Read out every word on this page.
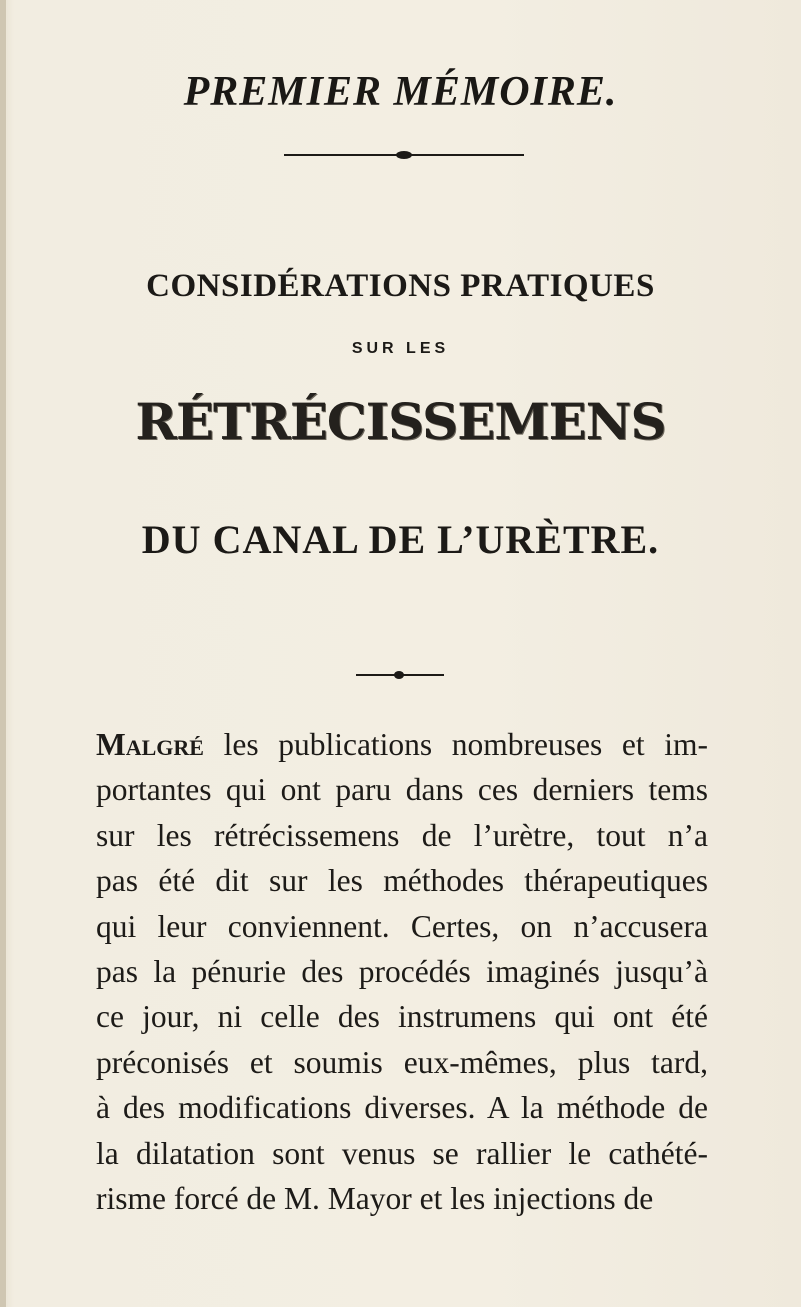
PREMIER MÉMOIRE.
CONSIDÉRATIONS PRATIQUES
SUR LES
RÉTRÉCISSEMENS
DU CANAL DE L’URÈTRE.
Malgré les publications nombreuses et im-
portantes qui ont paru dans ces derniers tems
sur les rétrécissemens de l’urètre, tout n’a
pas été dit sur les méthodes thérapeutiques
qui leur conviennent. Certes, on n’accusera
pas la pénurie des procédés imaginés jusqu’à
ce jour, ni celle des instrumens qui ont été
préconisés et soumis eux-mêmes, plus tard,
à des modifications diverses. A la méthode de
la dilatation sont venus se rallier le cathété-
risme forcé de M. Mayor et les injections de
